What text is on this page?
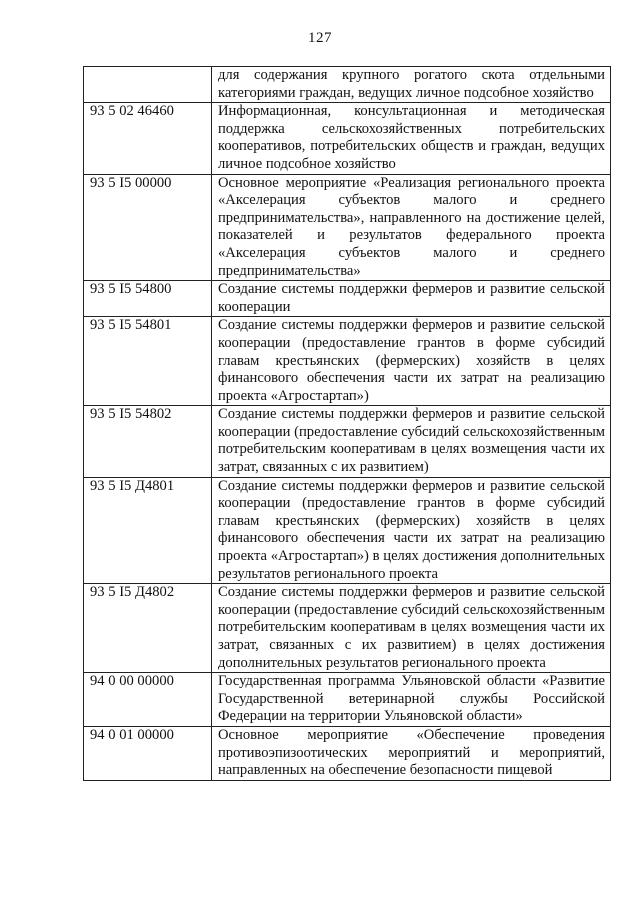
127
	для содержания крупного рогатого скота отдельными категориями граждан, ведущих личное подсобное хозяйство
93 5 02 46460	Информационная, консультационная и методическая поддержка сельскохозяйственных потребительских кооперативов, потребительских обществ и граждан, ведущих личное подсобное хозяйство
93 5 I5 00000	Основное мероприятие «Реализация регионального проекта «Акселерация субъектов малого и среднего предпринимательства», направленного на достижение целей, показателей и результатов федерального проекта «Акселерация субъектов малого и среднего предпринимательства»
93 5 I5 54800	Создание системы поддержки фермеров и развитие сельской кооперации
93 5 I5 54801	Создание системы поддержки фермеров и развитие сельской кооперации (предоставление грантов в форме субсидий главам крестьянских (фермерских) хозяйств в целях финансового обеспечения части их затрат на реализацию проекта «Агростартап»)
93 5 I5 54802	Создание системы поддержки фермеров и развитие сельской кооперации (предоставление субсидий сельскохозяйственным потребительским кооперативам в целях возмещения части их затрат, связанных с их развитием)
93 5 I5 Д4801	Создание системы поддержки фермеров и развитие сельской кооперации (предоставление грантов в форме субсидий главам крестьянских (фермерских) хозяйств в целях финансового обеспечения части их затрат на реализацию проекта «Агростартап») в целях достижения дополнительных результатов регионального проекта
93 5 I5 Д4802	Создание системы поддержки фермеров и развитие сельской кооперации (предоставление субсидий сельскохозяйственным потребительским кооперативам в целях возмещения части их затрат, связанных с их развитием) в целях достижения дополнительных результатов регионального проекта
94 0 00 00000	Государственная программа Ульяновской области «Развитие Государственной ветеринарной службы Российской Федерации на территории Ульяновской области»
94 0 01 00000	Основное мероприятие «Обеспечение проведения противоэпизоотических мероприятий и мероприятий, направленных на обеспечение безопасности пищевой
